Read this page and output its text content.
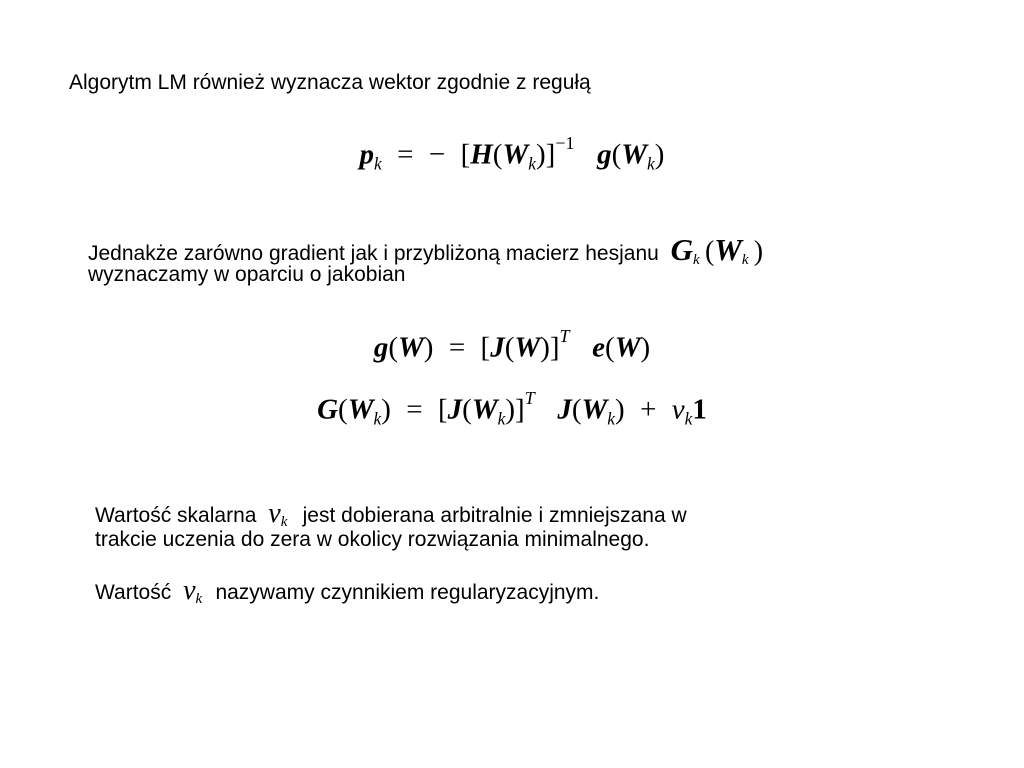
Algorytm LM również wyznacza wektor zgodnie z regułą
$p_k$ = − $[H(W_k)]^{-1}$ $g(W_k)$
Jednakże zarówno gradient jak i przybliżoną macierz hesjanu Gk (Wk )
wyznaczamy w oparciu o jakobian
$g(W) = [J(W)]^T$ e(W)
$G(W_k) = [J(W_k)]^T$ $J(W_k) + v_k1$
Wartość skalarna vk jest dobierana arbitralnie i zmniejszana w
trakcie uczenia do zera w okolicy rozwiązania minimalnego.
Wartość vk nazywamy czynnikiem regularyzacyjnym.
